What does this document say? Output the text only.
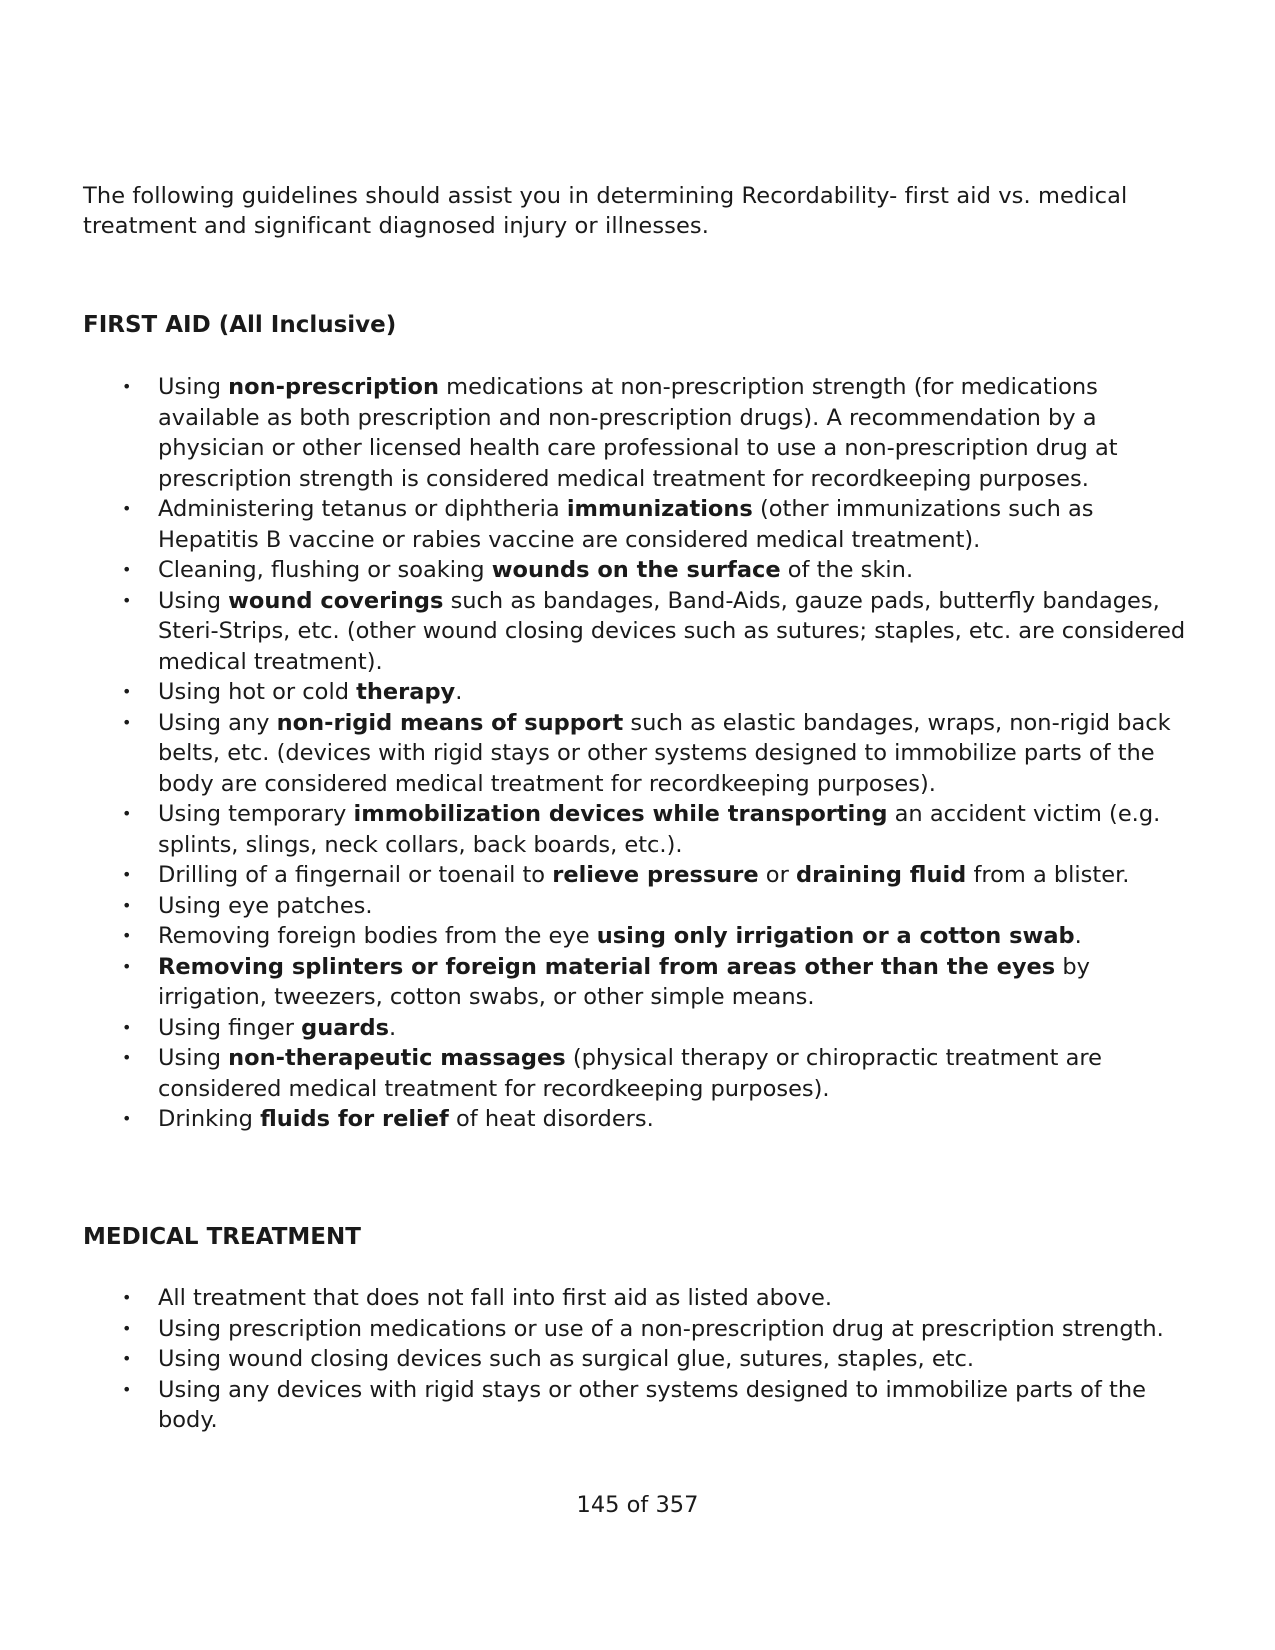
The following guidelines should assist you in determining Recordability- first aid vs. medical treatment and significant diagnosed injury or illnesses.

FIRST AID (All Inclusive)
• Using non-prescription medications at non-prescription strength (for medications available as both prescription and non-prescription drugs). A recommendation by a physician or other licensed health care professional to use a non-prescription drug at prescription strength is considered medical treatment for recordkeeping purposes.
• Administering tetanus or diphtheria immunizations (other immunizations such as Hepatitis B vaccine or rabies vaccine are considered medical treatment).
• Cleaning, flushing or soaking wounds on the surface of the skin.
• Using wound coverings such as bandages, Band-Aids, gauze pads, butterfly bandages, Steri-Strips, etc. (other wound closing devices such as sutures; staples, etc. are considered medical treatment).
• Using hot or cold therapy.
• Using any non-rigid means of support such as elastic bandages, wraps, non-rigid back belts, etc. (devices with rigid stays or other systems designed to immobilize parts of the body are considered medical treatment for recordkeeping purposes).
• Using temporary immobilization devices while transporting an accident victim (e.g. splints, slings, neck collars, back boards, etc.).
• Drilling of a fingernail or toenail to relieve pressure or draining fluid from a blister.
• Using eye patches.
• Removing foreign bodies from the eye using only irrigation or a cotton swab.
• Removing splinters or foreign material from areas other than the eyes by irrigation, tweezers, cotton swabs, or other simple means.
• Using finger guards.
• Using non-therapeutic massages (physical therapy or chiropractic treatment are considered medical treatment for recordkeeping purposes).
• Drinking fluids for relief of heat disorders.
MEDICAL TREATMENT
• All treatment that does not fall into first aid as listed above.
• Using prescription medications or use of a non-prescription drug at prescription strength.
• Using wound closing devices such as surgical glue, sutures, staples, etc.
• Using any devices with rigid stays or other systems designed to immobilize parts of the body.
145 of 357
